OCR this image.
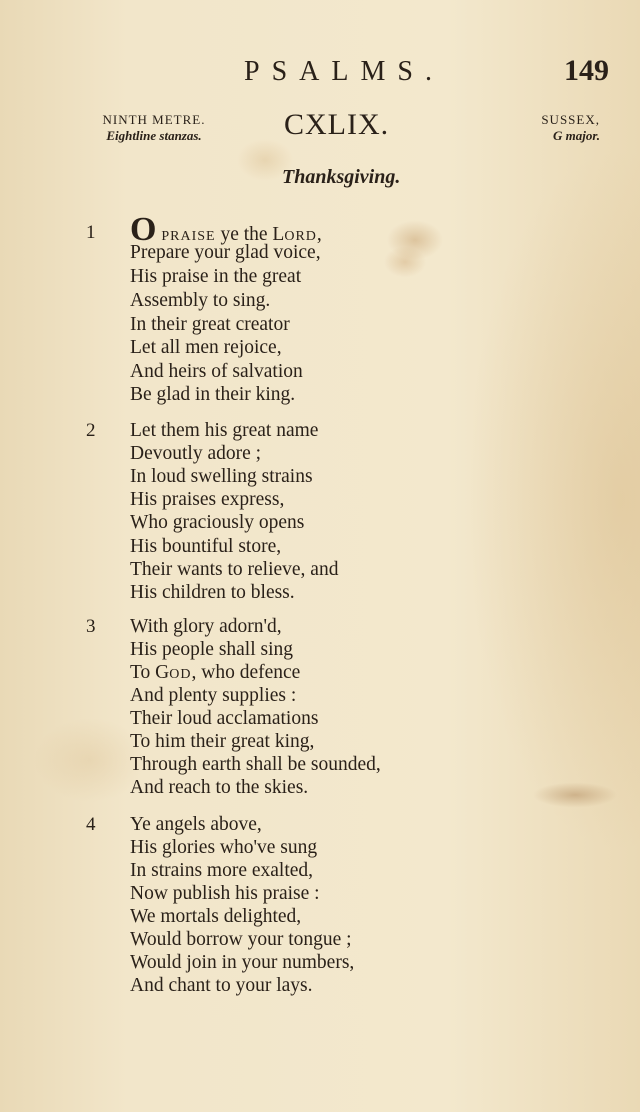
PSALMS.	149
NINTH METRE.
Eightline stanzas.	CXLIX.	SUSSEX,
G major.
Thanksgiving.
1 O PRAISE ye the LORD,
Prepare your glad voice,
His praise in the great
Assembly to sing.
In their great creator
Let all men rejoice,
And heirs of salvation
Be glad in their king.
2 Let them his great name
Devoutly adore ;
In loud swelling strains
His praises express,
Who graciously opens
His bountiful store,
Their wants to relieve, and
His children to bless.
3 With glory adorn'd,
His people shall sing
To GOD, who defence
And plenty supplies :
Their loud acclamations
To him their great king,
Through earth shall be sounded,
And reach to the skies.
4 Ye angels above,
His glories who've sung
In strains more exalted,
Now publish his praise :
We mortals delighted,
Would borrow your tongue ;
Would join in your numbers,
And chant to your lays.
